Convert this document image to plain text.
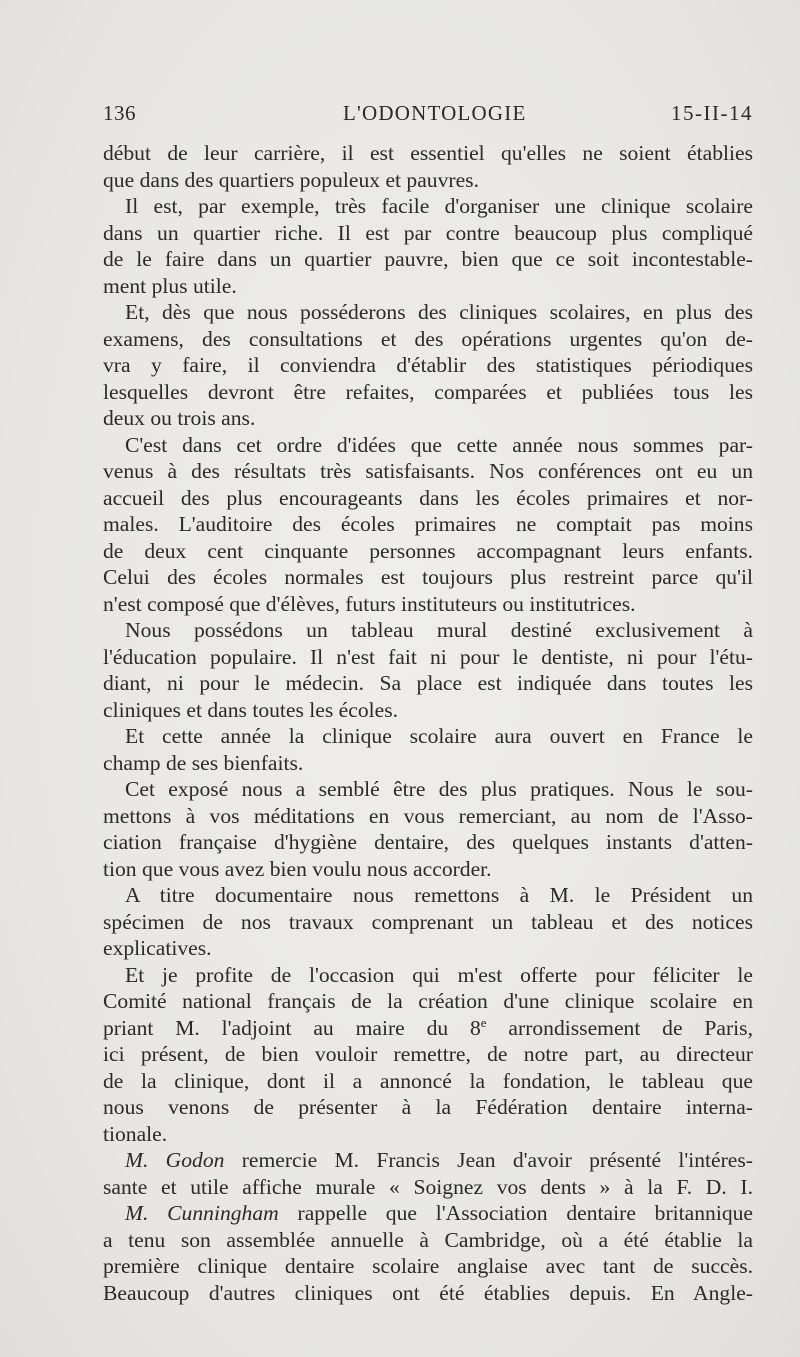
136	L'ODONTOLOGIE	15-II-14
début de leur carrière, il est essentiel qu'elles ne soient établies
que dans des quartiers populeux et pauvres.
Il est, par exemple, très facile d'organiser une clinique scolaire
dans un quartier riche. Il est par contre beaucoup plus compliqué
de le faire dans un quartier pauvre, bien que ce soit incontestable-
ment plus utile.
Et, dès que nous posséderons des cliniques scolaires, en plus des
examens, des consultations et des opérations urgentes qu'on de-
vra y faire, il conviendra d'établir des statistiques périodiques
lesquelles devront être refaites, comparées et publiées tous les
deux ou trois ans.
C'est dans cet ordre d'idées que cette année nous sommes par-
venus à des résultats très satisfaisants. Nos conférences ont eu un
accueil des plus encourageants dans les écoles primaires et nor-
males. L'auditoire des écoles primaires ne comptait pas moins
de deux cent cinquante personnes accompagnant leurs enfants.
Celui des écoles normales est toujours plus restreint parce qu'il
n'est composé que d'élèves, futurs instituteurs ou institutrices.
Nous possédons un tableau mural destiné exclusivement à
l'éducation populaire. Il n'est fait ni pour le dentiste, ni pour l'étu-
diant, ni pour le médecin. Sa place est indiquée dans toutes les
cliniques et dans toutes les écoles.
Et cette année la clinique scolaire aura ouvert en France le
champ de ses bienfaits.
Cet exposé nous a semblé être des plus pratiques. Nous le sou-
mettons à vos méditations en vous remerciant, au nom de l'Asso-
ciation française d'hygiène dentaire, des quelques instants d'atten-
tion que vous avez bien voulu nous accorder.
A titre documentaire nous remettons à M. le Président un
spécimen de nos travaux comprenant un tableau et des notices
explicatives.
Et je profite de l'occasion qui m'est offerte pour féliciter le
Comité national français de la création d'une clinique scolaire en
priant M. l'adjoint au maire du 8e arrondissement de Paris,
ici présent, de bien vouloir remettre, de notre part, au directeur
de la clinique, dont il a annoncé la fondation, le tableau que
nous venons de présenter à la Fédération dentaire interna-
tionale.
M. Godon remercie M. Francis Jean d'avoir présenté l'intéres-
sante et utile affiche murale « Soignez vos dents » à la F. D. I.
M. Cunningham rappelle que l'Association dentaire britannique
a tenu son assemblée annuelle à Cambridge, où a été établie la
première clinique dentaire scolaire anglaise avec tant de succès.
Beaucoup d'autres cliniques ont été établies depuis. En Angle-
